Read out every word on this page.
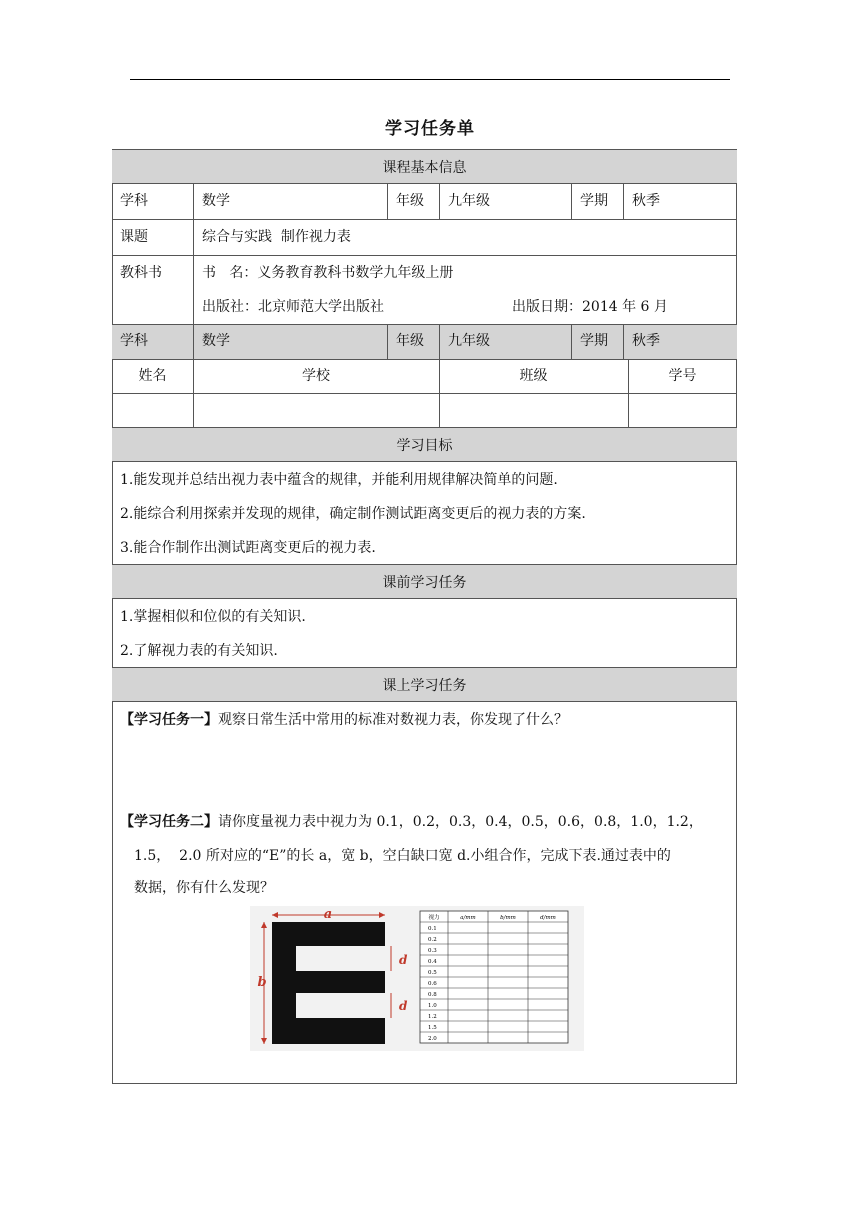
学习任务单
课程基本信息
学科	数学	年级 九年级	学期 秋季
课题	综合与实践  制作视力表
教科书	书   名：义务教育教科书数学九年级上册
出版社：北京师范大学出版社	出版日期：2014 年 6 月
学科	数学	年级 九年级	学期 秋季
姓名	学校	班级	学号
学习目标
1.能发现并总结出视力表中蕴含的规律，并能利用规律解决简单的问题.
2.能综合利用探索并发现的规律，确定制作测试距离变更后的视力表的方案.
3.能合作制作出测试距离变更后的视力表.
课前学习任务
1.掌握相似和位似的有关知识.
2.了解视力表的有关知识.
课上学习任务
【学习任务一】观察日常生活中常用的标准对数视力表，你发现了什么？
【学习任务二】请你度量视力表中视力为 0.1，0.2，0.3，0.4，0.5，0.6，0.8，1.0，1.2，
1.5，  2.0 所对应的“E”的长 a，宽 b，空白缺口宽 d.小组合作，完成下表.通过表中的
数据，你有什么发现？
a
b
d
d
视力	a/mm	b/mm	d/mm
0.1
0.2
0.3
0.4
0.5
0.6
0.8
1.0
1.2
1.5
2.0
